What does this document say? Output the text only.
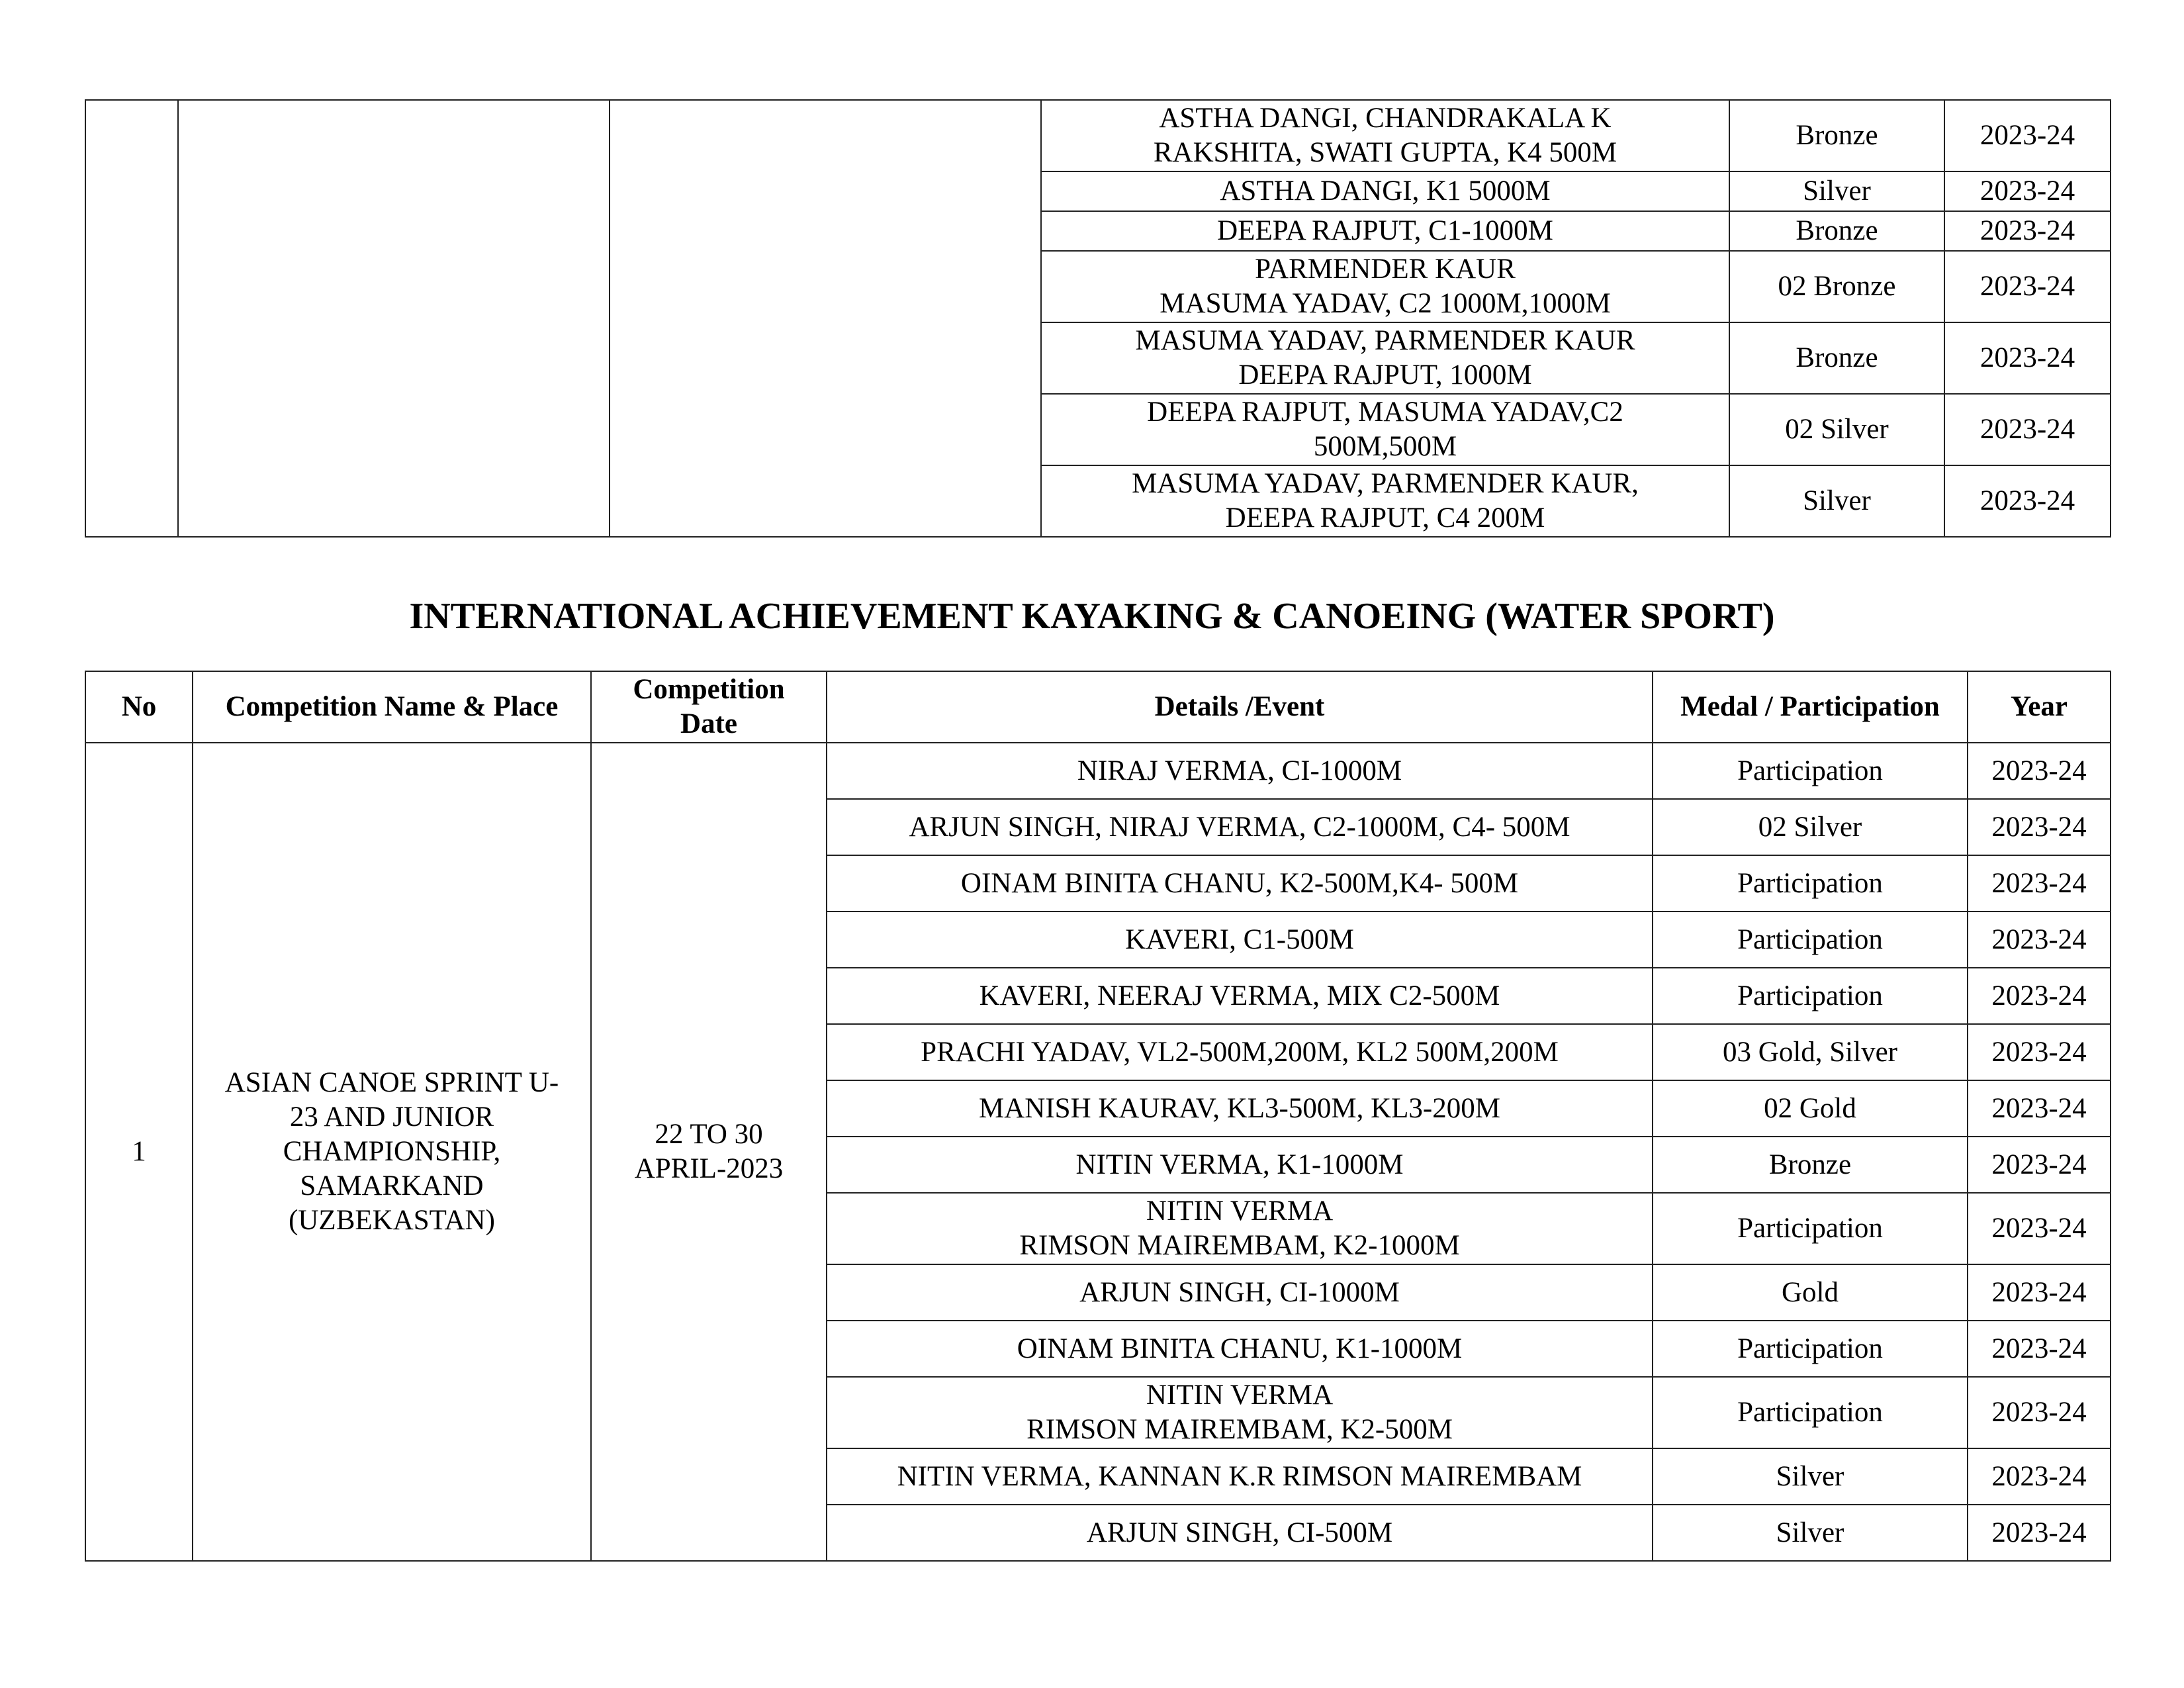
			ASTHA DANGI, CHANDRAKALA K
RAKSHITA, SWATI GUPTA, K4 500M	Bronze	2023-24

			ASTHA DANGI, K1 5000M	Silver	2023-24

			DEEPA RAJPUT, C1-1000M	Bronze	2023-24

			PARMENDER KAUR
MASUMA YADAV, C2 1000M,1000M	02 Bronze	2023-24

			MASUMA YADAV, PARMENDER KAUR
DEEPA RAJPUT, 1000M	Bronze	2023-24

			DEEPA RAJPUT, MASUMA YADAV,C2
500M,500M	02 Silver	2023-24

			MASUMA YADAV, PARMENDER KAUR,
DEEPA RAJPUT, C4 200M	Silver	2023-24
INTERNATIONAL ACHIEVEMENT KAYAKING & CANOEING (WATER SPORT)
No	Competition Name & Place	Competition
Date	Details /Event	Medal / Participation	Year
1	ASIAN CANOE SPRINT U-
23 AND JUNIOR
CHAMPIONSHIP,
SAMARKAND
(UZBEKASTAN)	22 TO 30
APRIL-2023	NIRAJ VERMA, CI-1000M	Participation	2023-24

			ARJUN SINGH, NIRAJ VERMA, C2-1000M, C4- 500M	02 Silver	2023-24

			OINAM BINITA CHANU, K2-500M,K4- 500M	Participation	2023-24

			KAVERI, C1-500M	Participation	2023-24

			KAVERI, NEERAJ VERMA, MIX C2-500M	Participation	2023-24

			PRACHI YADAV, VL2-500M,200M, KL2 500M,200M	03 Gold, Silver	2023-24

			MANISH KAURAV, KL3-500M, KL3-200M	02 Gold	2023-24

			NITIN VERMA, K1-1000M	Bronze	2023-24

			NITIN VERMA
RIMSON MAIREMBAM, K2-1000M	Participation	2023-24

			ARJUN SINGH, CI-1000M	Gold	2023-24

			OINAM BINITA CHANU, K1-1000M	Participation	2023-24

			NITIN VERMA
RIMSON MAIREMBAM, K2-500M	Participation	2023-24

			NITIN VERMA, KANNAN K.R RIMSON MAIREMBAM	Silver	2023-24

			ARJUN SINGH, CI-500M	Silver	2023-24
